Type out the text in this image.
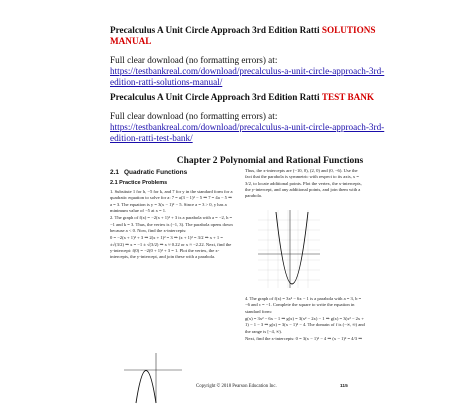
Precalculus A Unit Circle Approach 3rd Edition Ratti SOLUTIONS MANUAL
Full clear download (no formatting errors) at:
https://testbankreal.com/download/precalculus-a-unit-circle-approach-3rd-edition-ratti-solutions-manual/
Precalculus A Unit Circle Approach 3rd Edition Ratti TEST BANK
Full clear download (no formatting errors) at:
https://testbankreal.com/download/precalculus-a-unit-circle-approach-3rd-edition-ratti-test-bank/
Chapter 2 Polynomial and Rational Functions
2.1 Quadratic Functions
2.1 Practice Problems

1. Subsitute 1 for h, −5 for k, and 7 for y in the standard form for a quadratic equation to solve for a: 7 = a(3 − 1)² − 5 ⇒ 7 = 4a − 5 ⇒ a = 3. The equation is y = 3(x − 1)² − 5. Since a = 3 > 0, y has a minimum value of −5 at x = 1.

2. The graph of f(x) = −2(x + 1)² + 3 is a parabola with a = −2, h = −1 and k = 3. Thus, the vertex is (−1, 3). The parabola opens down because a < 0. Now, find the x-intercepts:

0 = −2(x + 1)² + 3 ⇒ 2(x + 1)² = 3 ⇒ (x + 1)² = 3/2 ⇒ x + 1 = ±√(3/2) ⇒ x = −1 ± √(3/2) ⇒ x ≈ 0.22 or x ≈ −2.22. Next, find the y-intercept: f(0) = −2(0 + 1)² + 3 = 1. Plot the vertex, the x-intercepts, the y-intercept, and join these with a parabola.

Thus, the x-intercepts are (−10, 0), (2, 0) and (0, −6). Use the fact that the parabola is symmetric with respect to its axis, x = 3/2, to locate additional points. Plot the vertex, the x-intercepts, the y-intercept, and any additional points, and join them with a parabola.

4. The graph of f(x) = 3x² − 6x − 1 is a parabola with a = 3, b = −6 and c = −1. Complete the square to write the equation in standard form:

g(x) = 3x² − 6x − 1 ⇒ g(x) = 3(x² − 2x) − 1 ⇒ g(x) = 3(x² − 2x + 1) − 1 − 3 ⇒ g(x) = 3(x − 1)² − 4. The domain of f is (−∞, ∞) and the range is [−4, ∞).

Next, find the x-intercepts: 0 = 3(x − 1)² − 4 ⇒ (x − 1)² = 4/3 ⇒

Copyright © 2018 Pearson Education Inc.	115
